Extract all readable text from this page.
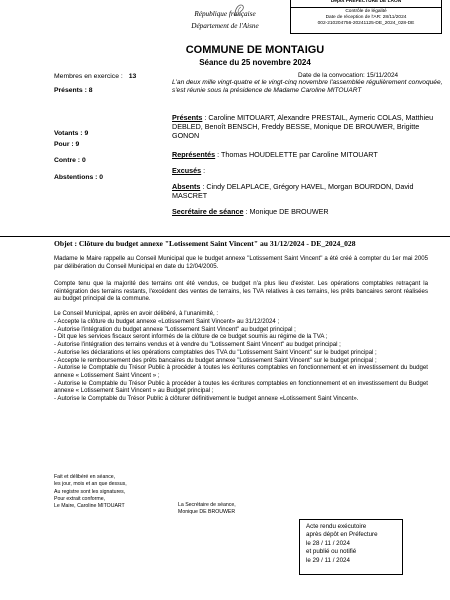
République française
Département de l'Aisne
Dépôt PREFECTURE DE LAON
Contrôle de légalité
Date de réception de l'AR: 28/11/2024
002-210204756-20241125-DE_2024_028-DE
COMMUNE DE MONTAIGU
Séance du 25 novembre 2024
Membres en exercice : 13
Présents : 8
Votants : 9
Pour : 9
Contre : 0
Abstentions : 0
Date de la convocation: 15/11/2024
L'an deux mille vingt-quatre et le vingt-cinq novembre l'assemblée régulièrement convoquée, s'est réunie sous la présidence de Madame Caroline MITOUART
Présents : Caroline MITOUART, Alexandre PRESTAIL, Aymeric COLAS, Matthieu DEBLED, Benoît BENSCH, Freddy BESSE, Monique DE BROUWER, Brigitte GONON
Représentés : Thomas HOUDELETTE par Caroline MITOUART
Excusés :
Absents : Cindy DELAPLACE, Grégory HAVEL, Morgan BOURDON, David MASCRET
Secrétaire de séance : Monique DE BROUWER
Objet : Clôture du budget annexe "Lotissement Saint Vincent" au 31/12/2024 - DE_2024_028
Madame le Maire rappelle au Conseil Municipal que le budget annexe "Lotissement Saint Vincent" a été créé à compter du 1er mai 2005 par délibération du Conseil Municipal en date du 12/04/2005.
Compte tenu que la majorité des terrains ont été vendus, ce budget n'a plus lieu d'exister. Les opérations comptables retraçant la réintégration des terrains restants, l'excédent des ventes de terrains, les TVA relatives à ces terrains, les prêts bancaires seront réalisées au budget principal de la commune.
Le Conseil Municipal, après en avoir délibéré, à l'unanimité, :
- Accepte la clôture du budget annexe «Lotissement Saint Vincent» au 31/12/2024 ;
- Autorise l'intégration du budget annexe "Lotissement Saint Vincent" au budget principal ;
- Dit que les services fiscaux seront informés de la clôture de ce budget soumis au régime de la TVA ;
- Autorise l'intégration des terrains vendus et à vendre du "Lotissement Saint Vincent" au budget principal ;
- Autorise les déclarations et les opérations comptables des TVA du "Lotissement Saint Vincent" sur le budget principal ;
- Accepte le remboursement des prêts bancaires du budget annexe "Lotissement Saint Vincent" sur le budget principal ;
- Autorise le Comptable du Trésor Public à procéder à toutes les écritures comptables en fonctionnement et en investissement du budget annexe « Lotissement Saint Vincent » ;
- Autorise le Comptable du Trésor Public à procéder à toutes les écritures comptables en fonctionnement et en investissement du Budget annexe « Lotissement Saint Vincent » au Budget principal ;
- Autorise le Comptable du Trésor Public à clôturer définitivement le budget annexe «Lotissement Saint Vincent».
Fait et délibéré en séance,
les jour, mois et an que dessus,
Au registre sont les signatures,
Pour extrait conforme,
Le Maire, Caroline MITOUART	La Secrétaire de séance,
Monique DE BROUWER
Acte rendu exécutoire
après dépôt en Préfecture
le 28 / 11 / 2024
et publié ou notifié
le 29 / 11 / 2024
